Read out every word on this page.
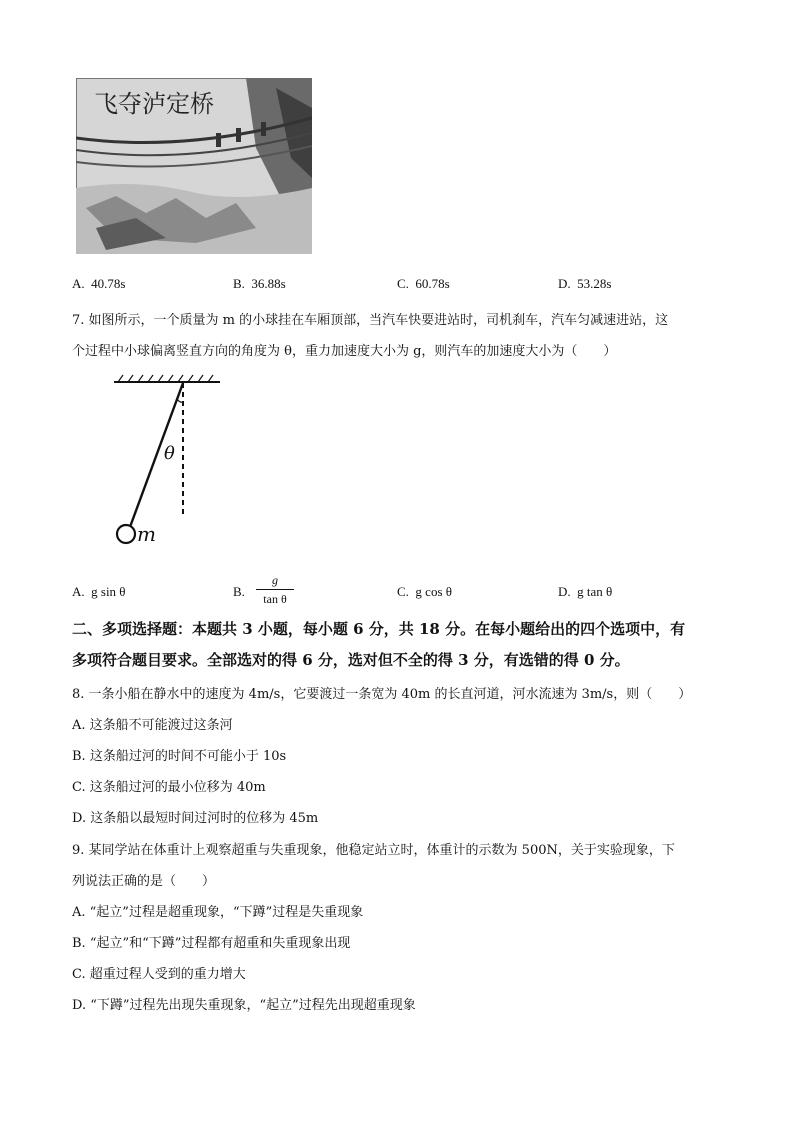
飞夺泸定桥
A. 40.78s	B. 36.88s	C. 60.78s	D. 53.28s
7. 如图所示，一个质量为 m 的小球挂在车厢顶部，当汽车快要进站时，司机刹车，汽车匀减速进站，这
个过程中小球偏离竖直方向的角度为 θ，重力加速度大小为 g，则汽车的加速度大小为（　　）
θ
m
A. g sin θ	B.
g
tan θ	C. g cos θ	D. g tan θ
二、多项选择题：本题共 3 小题，每小题 6 分，共 18 分。在每小题给出的四个选项中，有
多项符合题目要求。全部选对的得 6 分，选对但不全的得 3 分，有选错的得 0 分。
8. 一条小船在静水中的速度为 4m/s，它要渡过一条宽为 40m 的长直河道，河水流速为 3m/s，则（　　）
A. 这条船不可能渡过这条河
B. 这条船过河的时间不可能小于 10s
C. 这条船过河的最小位移为 40m
D. 这条船以最短时间过河时的位移为 45m
9. 某同学站在体重计上观察超重与失重现象，他稳定站立时，体重计的示数为 500N，关于实验现象，下
列说法正确的是（　　）
A. “起立”过程是超重现象，“下蹲”过程是失重现象
B. “起立”和“下蹲”过程都有超重和失重现象出现
C. 超重过程人受到的重力增大
D. “下蹲”过程先出现失重现象，“起立”过程先出现超重现象
